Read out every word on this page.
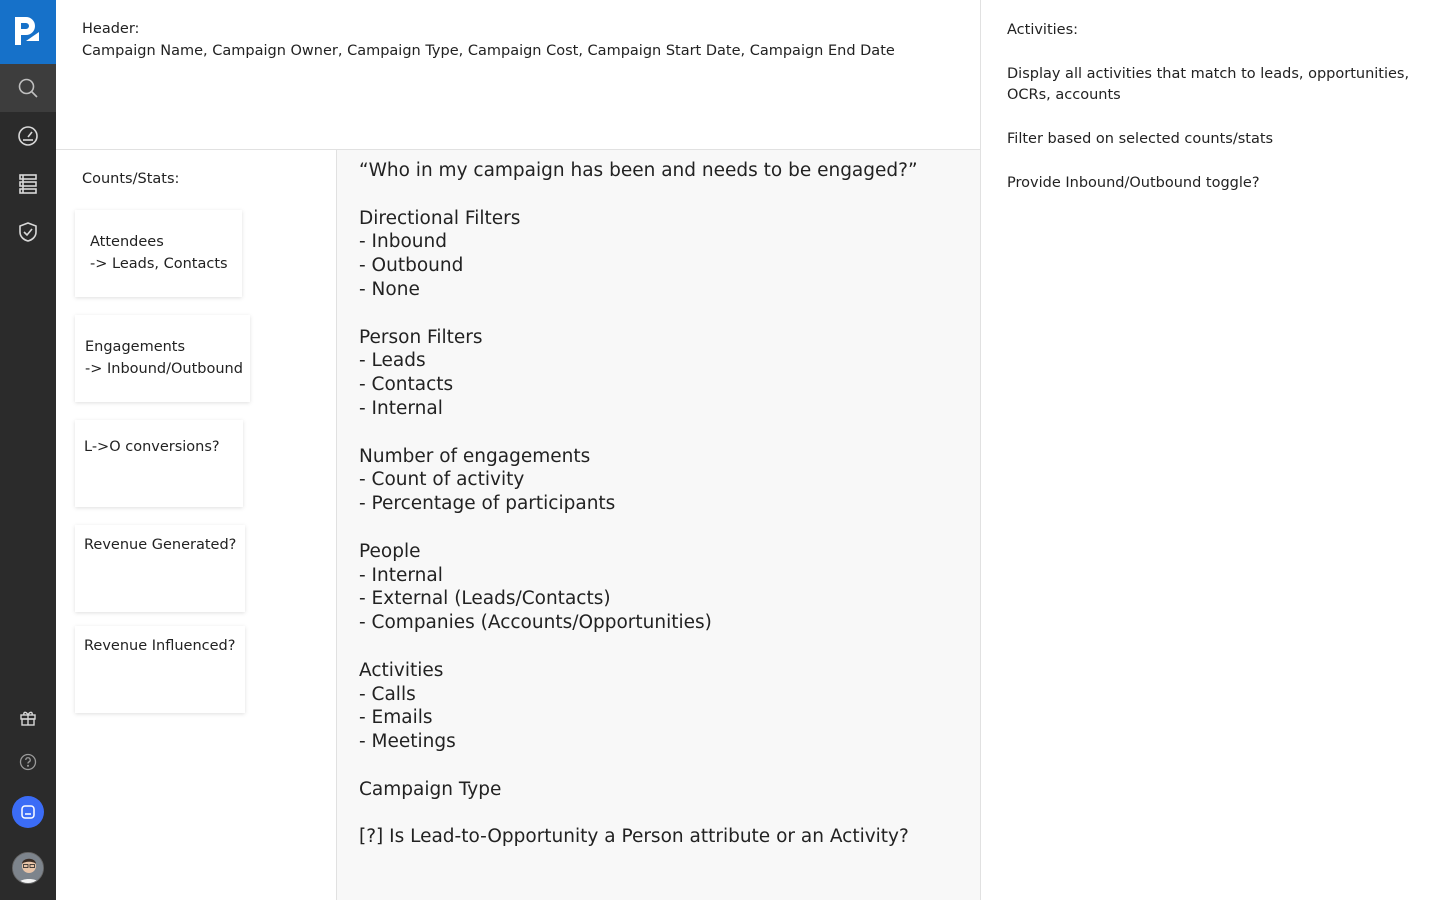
Header:
Campaign Name, Campaign Owner, Campaign Type, Campaign Cost, Campaign Start Date, Campaign End Date
Counts/Stats:
Attendees
-> Leads, Contacts
Engagements
-> Inbound/Outbound
L->O conversions?
Revenue Generated?
Revenue Influenced?
“Who in my campaign has been and needs to be engaged?”

Directional Filters
- Inbound
- Outbound
- None

Person Filters
- Leads
- Contacts
- Internal

Number of engagements
- Count of activity
- Percentage of participants

People
- Internal
- External (Leads/Contacts)
- Companies (Accounts/Opportunities)

Activities
- Calls
- Emails
- Meetings

Campaign Type

[?] Is Lead-to-Opportunity a Person attribute or an Activity?
Activities:
Display all activities that match to leads, opportunities, OCRs, accounts
Filter based on selected counts/stats
Provide Inbound/Outbound toggle?
